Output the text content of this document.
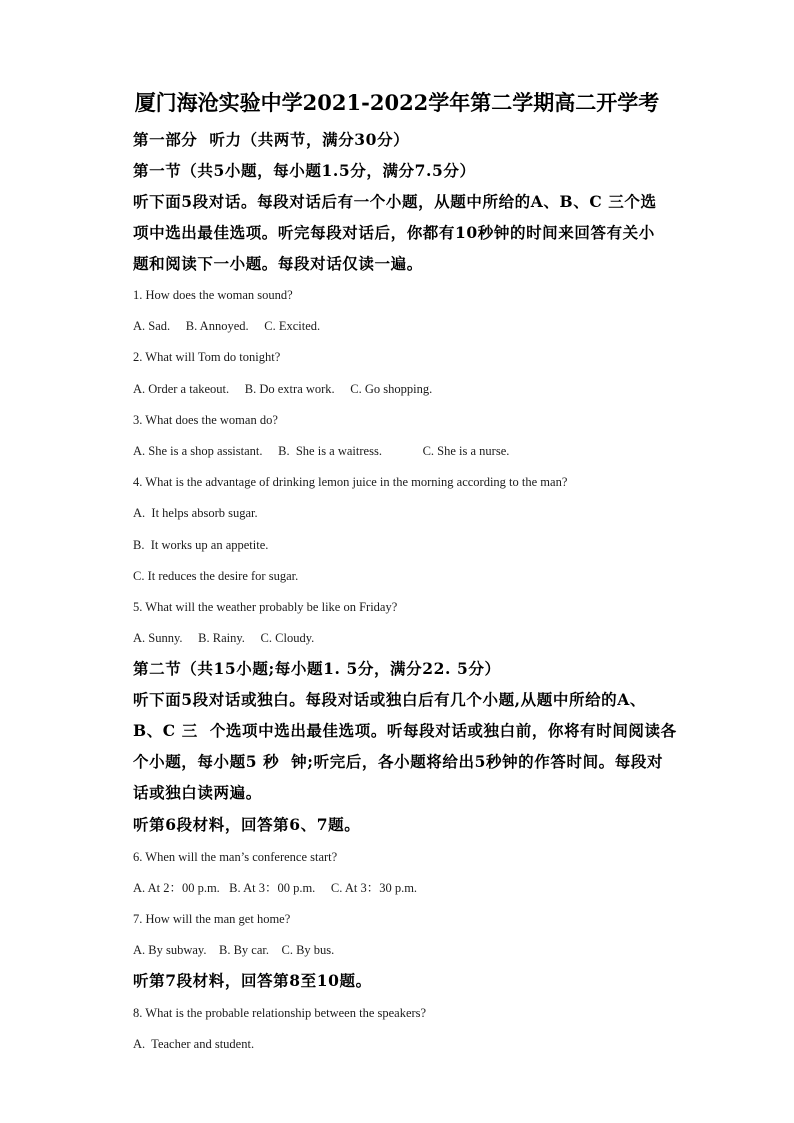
厦门海沧实验中学2021-2022学年第二学期高二开学考
第一部分  听力（共两节，满分30分）
第一节（共5小题，每小题1.5分，满分7.5分）
听下面5段对话。每段对话后有一个小题，从题中所给的A、B、C 三个选
项中选出最佳选项。听完每段对话后，你都有10秒钟的时间来回答有关小
题和阅读下一小题。每段对话仅读一遍。
1. How does the woman sound?
A. Sad.     B. Annoyed.     C. Excited.
2. What will Tom do tonight?
A. Order a takeout.     B. Do extra work.     C. Go shopping.
3. What does the woman do?
A. She is a shop assistant.     B.  She is a waitress.             C. She is a nurse.
4. What is the advantage of drinking lemon juice in the morning according to the man?
A.  It helps absorb sugar.
B.  It works up an appetite.
C. It reduces the desire for sugar.
5. What will the weather probably be like on Friday?
A. Sunny.     B. Rainy.     C. Cloudy.
第二节（共15小题;每小题1. 5分，满分22. 5分）
听下面5段对话或独白。每段对话或独白后有几个小题,从题中所给的A、
B、C 三  个选项中选出最佳选项。听每段对话或独白前，你将有时间阅读各
个小题，每小题5 秒  钟;听完后，各小题将给出5秒钟的作答时间。每段对
话或独白读两遍。
听第6段材料，回答第6、7题。
6. When will the man’s conference start?
A. At 2：00 p.m.   B. At 3：00 p.m.     C. At 3：30 p.m.
7. How will the man get home?
A. By subway.    B. By car.    C. By bus.
听第7段材料，回答第8至10题。
8. What is the probable relationship between the speakers?
A.  Teacher and student.
